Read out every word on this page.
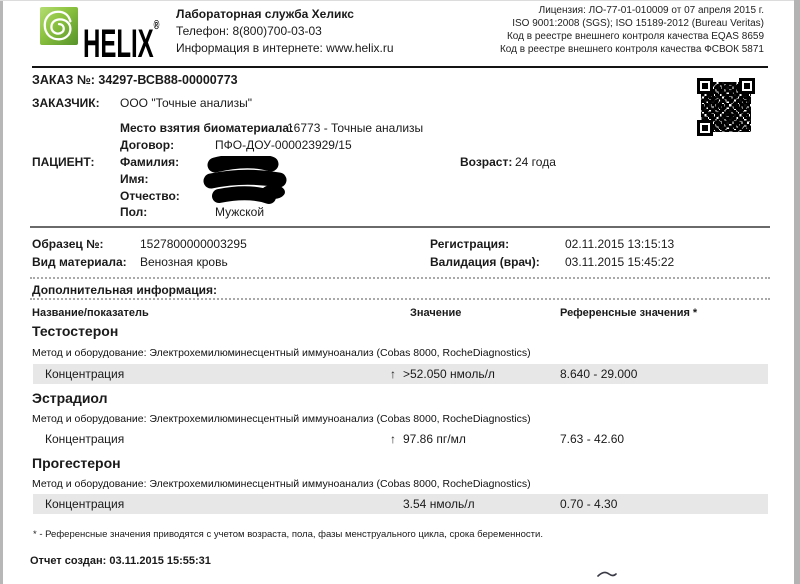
HELIX®
Лабораторная служба Хеликс
Телефон: 8(800)700-03-03
Информация в интернете: www.helix.ru
Лицензия: ЛО-77-01-010009 от 07 апреля 2015 г.
ISO 9001:2008 (SGS); ISO 15189-2012 (Bureau Veritas)
Код в реестре внешнего контроля качества EQAS 8659
Код в реестре внешнего контроля качества ФСВОК 5871
ЗАКАЗ №: 34297-ВСВ88-00000773
ЗАКАЗЧИК: ООО "Точные анализы"
Место взятия биоматериала:
16773 - Точные анализы
Договор:	ПФО-ДОУ-000023929/15
ПАЦИЕНТ: Фамилия:
Имя:
Отчество:
Пол:	Мужской
Возраст: 24 года
Образец №:	1527800000003295
Вид материала: Венозная кровь
Регистрация:	02.11.2015 13:15:13
Валидация (врач): 03.11.2015 15:45:22
Дополнительная информация:
Название/показатель	Значение	Референсные значения *
Тестостерон
Метод и оборудование: Электрохемилюминесцентный иммуноанализ (Cobas 8000, RocheDiagnostics)
Концентрация	↑ >52.050 нмоль/л	8.640 - 29.000
Эстрадиол
Метод и оборудование: Электрохемилюминесцентный иммуноанализ (Cobas 8000, RocheDiagnostics)
Концентрация	↑ 97.86 пг/мл	7.63 - 42.60
Прогестерон
Метод и оборудование: Электрохемилюминесцентный иммуноанализ (Cobas 8000, RocheDiagnostics)
Концентрация	3.54 нмоль/л	0.70 - 4.30
* - Референсные значения приводятся с учетом возраста, пола, фазы менструального цикла, срока беременности.
Отчет создан: 03.11.2015 15:55:31
